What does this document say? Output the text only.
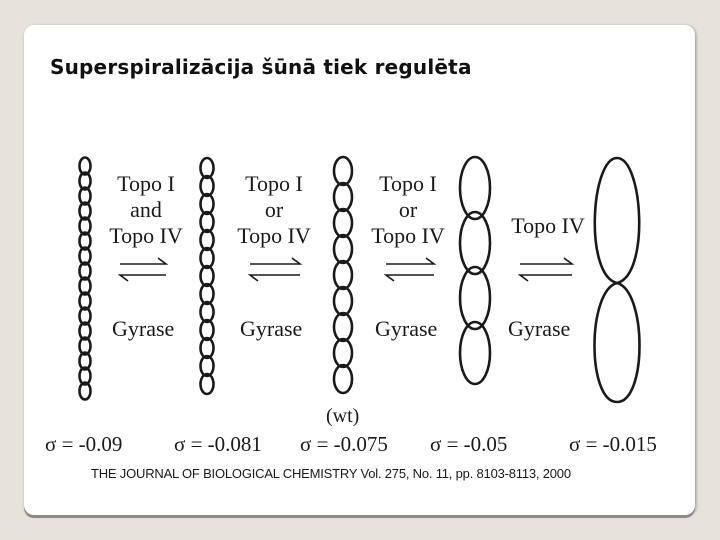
Superspiralizācija šūnā tiek regulēta
Topo I
and
Topo IV
Topo I
or
Topo IV
Topo I
or
Topo IV	Topo IV
Gyrase	Gyrase	Gyrase	Gyrase
(wt)
σ = -0.09 σ = -0.081 σ = -0.075 σ = -0.05	σ = -0.015
THE JOURNAL OF BIOLOGICAL CHEMISTRY Vol. 275, No. 11, pp. 8103-8113, 2000
